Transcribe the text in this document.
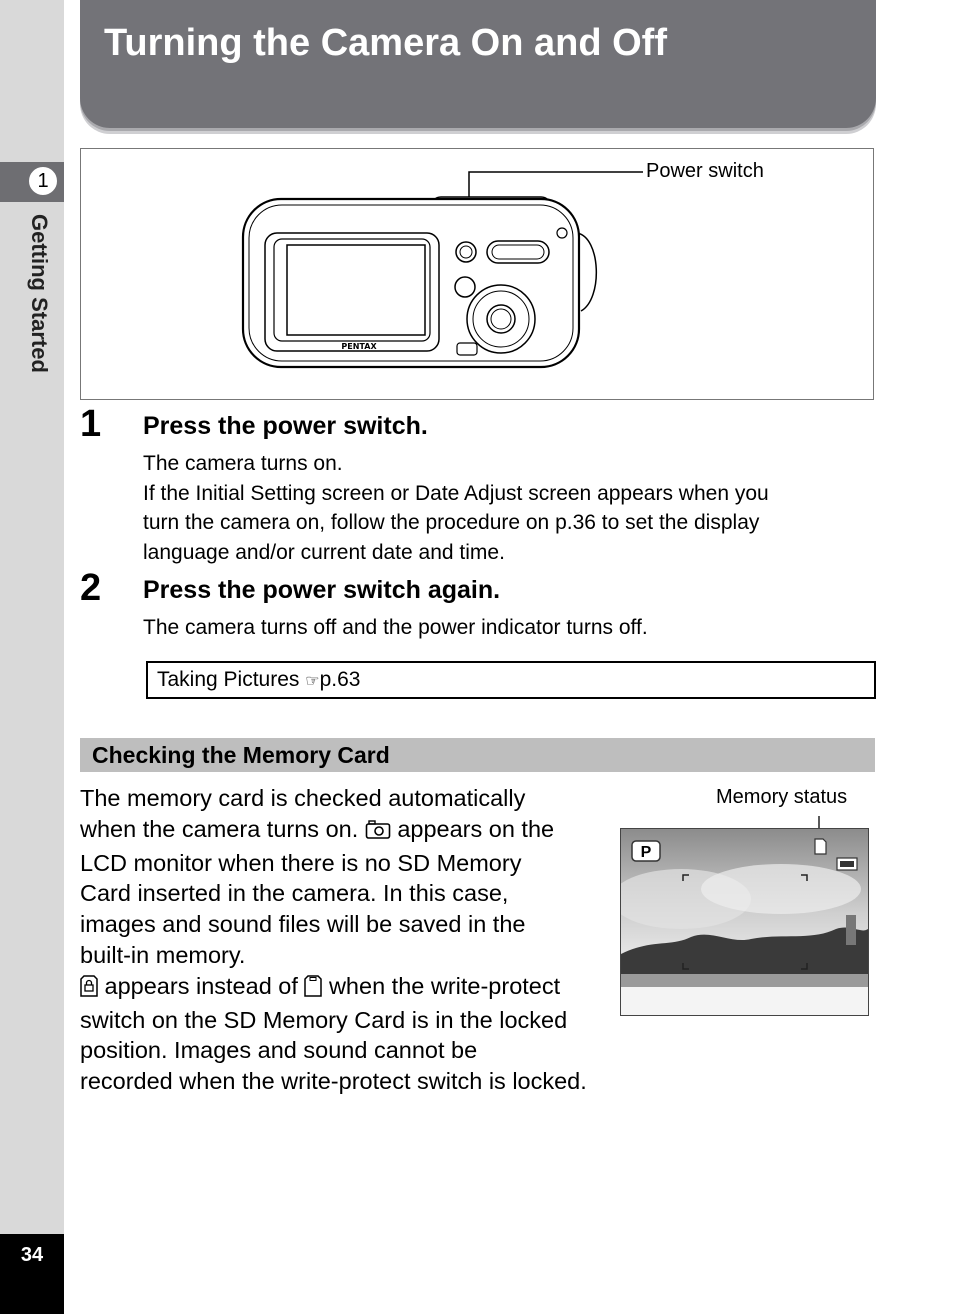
1
Getting Started
34
Turning the Camera On and Off
PENTAX
Power switch
1 Press the power switch.
The camera turns on.
If the Initial Setting screen or Date Adjust screen appears when you
turn the camera on, follow the procedure on p.36 to set the display
language and/or current date and time.
2 Press the power switch again.
The camera turns off and the power indicator turns off.
Taking Pictures ☞p.63
Checking the Memory Card
The memory card is checked automatically
when the camera turns on. appears on the
LCD monitor when there is no SD Memory
Card inserted in the camera. In this case,
images and sound files will be saved in the
built-in memory.
appears instead of when the write-protect
switch on the SD Memory Card is in the locked
position. Images and sound cannot be
recorded when the write-protect switch is locked.
Memory status
P
